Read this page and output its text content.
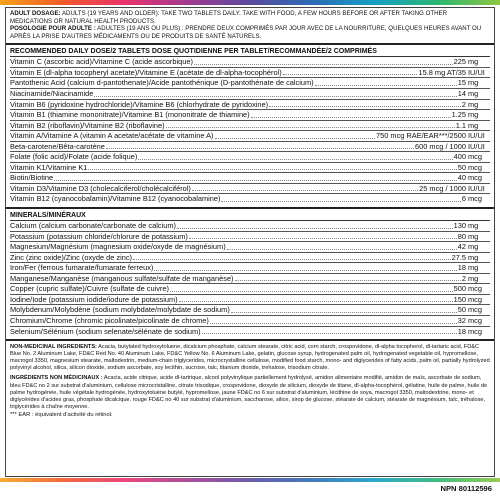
ADULT DOSAGE: ADULTS (19 YEARS AND OLDER): TAKE TWO TABLETS DAILY. TAKE WITH FOOD, A FEW HOURS BEFORE OR AFTER TAKING OTHER MEDICATIONS OR NATURAL HEALTH PRODUCTS.
POSOLOGIE POUR ADULTE : ADULTES (19 ANS OU PLUS) : PRENDRE DEUX COMPRIMÉS PAR JOUR AVEC DE LA NOURRITURE, QUELQUES HEURES AVANT OU APRÈS LA PRISE D'AUTRES MÉDICAMENTS OU DE PRODUITS DE SANTÉ NATURELS.
RECOMMENDED DAILY DOSE/2 TABLETS DOSE QUOTIDIENNE PER TABLET/RECOMMANDÉE/2 COMPRIMÉS
Vitamin C (ascorbic acid)/Vitamine C (acide ascorbique)	225 mg
Vitamin E (dl-alpha tocopheryl acetate)/Vitamine E (acétate de dl-alpha-tocophérol)	15.8 mg AT/35 IU/UI
Pantothenic Acid (calcium d-pantothenate)/Acide pantothénique (D-pantothénate de calcium)	15 mg
Niacinamide/Niacinamide	14 mg
Vitamin B6 (pyridoxine hydrochloride)/Vitamine B6 (chlorhydrate de pyridoxine)	2 mg
Vitamin B1 (thiamine mononitrate)/Vitamine B1 (mononitrate de thiamine)	1.25 mg
Vitamin B2 (riboflavin)/Vitamine B2 (riboflavine)	1.1 mg
Vitamin A/Vitamine A (vitamin A acetate/acétate de vitamine A)	750 mcg RAE/EAR***/2500 IU/UI
Beta-carotene/Bêta-carotène	600 mcg / 1000 IU/UI
Folate (folic acid)/Folate (acide folique)	400 mcg
Vitamin K1/Vitamine K1	50 mcg
Biotin/Biotine	40 mcg
Vitamin D3/Vitamine D3 (cholecalciferol/cholécalciférol)	25 mcg / 1000 IU/UI
Vitamin B12 (cyanocobalamin)/Vitamine B12 (cyanocobalamine)	6 mcg
MINERALS/MINÉRAUX
Calcium (calcium carbonate/carbonate de calcium)	130 mg
Potassium (potassium chloride/chlorure de potassium)	80 mg
Magnesium/Magnésium (magnesium oxide/oxyde de magnésium)	42 mg
Zinc (zinc oxide)/Zinc (oxyde de zinc)	27.5 mg
Iron/Fer (ferrous fumarate/fumarate ferreux)	18 mg
Manganese/Manganèse (manganous sulfate/sulfate de manganèse)	2 mg
Copper (cupric sulfate)/Cuivre (sulfate de cuivre)	500 mcg
Iodine/Iode (potassium iodide/iodure de potassium)	150 mcg
Molybdenum/Molybdène (sodium molybdate/molybdate de sodium)	50 mcg
Chromium/Chrome (chromic picolinate/picolinate de chrome)	32 mcg
Selenium/Sélénium (sodium selenate/sélénate de sodium)	18 mcg
NON-MEDICINAL INGREDIENTS: Acacia, butylated hydroxytoluene, dicalcium phosphate, calcium stearate, citric acid, corn starch, crospovidone, dl-alpha tocopherol, dl-tartaric acid, FD&C Blue No. 2 Aluminum Lake, FD&C Red No. 40 Aluminum Lake, FD&C Yellow No. 6 Aluminum Lake, gelatin, glucose syrup, hydrogenated palm oil, hydrogenated vegetable oil, hypromellose, macrogol 3350, magnesium stearate, maltodextrin, medium-chain triglycerides, microcrystalline cellulose, modified food starch, mono- and diglycerides of fatty acids, palm oil, partially hydrolyzed polyvinyl alcohol, silica, silicon dioxide, sodium ascorbate, soy lecithin, sucrose, talc, titanium dioxide, trehalose, trisodium citrate.
INGRÉDIENTS NON MÉDICINAUX : Acacia, acide citrique, acide dl-tartrique, alcool polyvinylique partiellement hydrolysé, amidon alimentaire modifié, amidon de maïs, ascorbate de sodium, bleu FD&C no 2 sur substrat d'aluminium, cellulose microcristalline, citrate trisodique, crospovidone, dioxyde de silicium, dioxyde de titane, dl-alpha-tocophérol, gélatine, huile de palme, huile de palme hydrogénée, huile végétale hydrogénée, hydroxytoluène butylé, hypromellose, jaune FD&C no 6 sur substrat d'aluminium, lécithine de soya, macrogol 3350, maltodextrine, mono- et diglycérides d'acides gras, phosphate dicalcique, rouge FD&C no 40 sur substrat d'aluminium, saccharose, silice, sirop de glucose, stéarate de calcium, stéarate de magnésium, talc, tréhalose, triglycérides à chaîne moyenne.
*** EAR : équivalent d'activité du rétinol.
NPN 80112596
